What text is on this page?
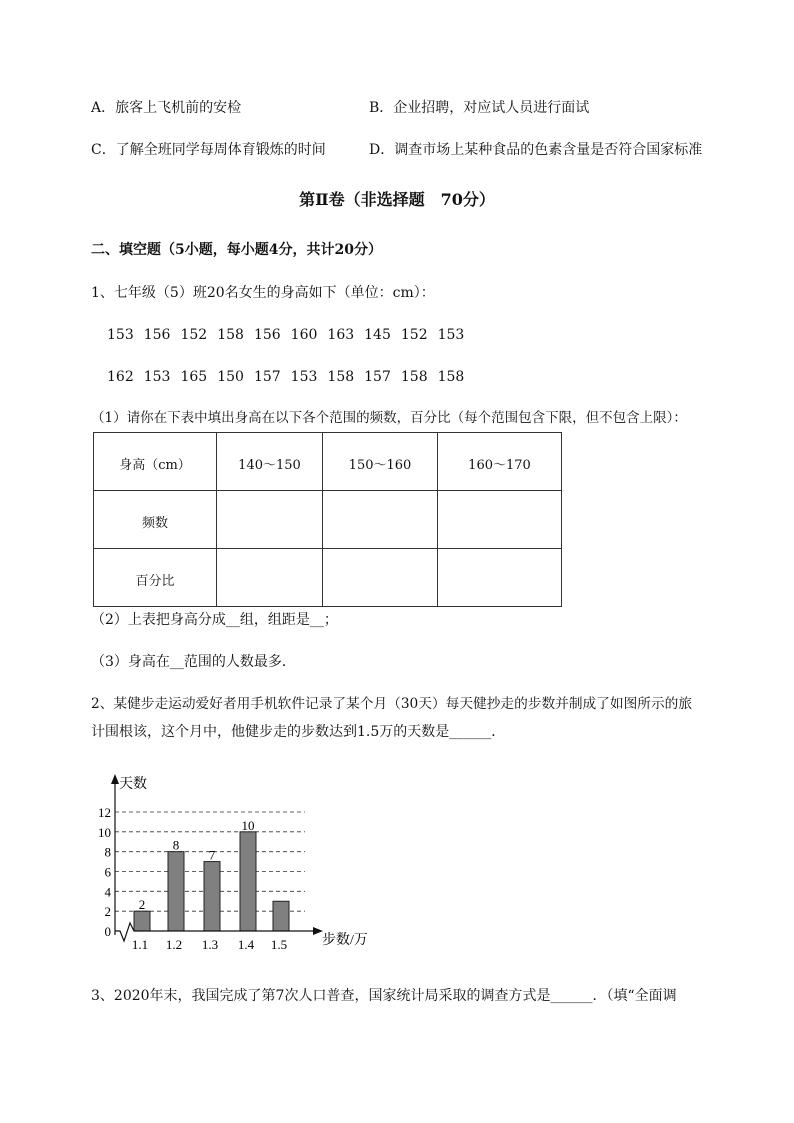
A．旅客上飞机前的安检	B．企业招聘，对应试人员进行面试
C．了解全班同学每周体育锻炼的时间	D．调查市场上某种食品的色素含量是否符合国家标准
第Ⅱ卷（非选择题　70分）
二、填空题（5小题，每小题4分，共计20分）
1、七年级（5）班20名女生的身高如下（单位：cm）：
153 156 152 158 156 160 163 145 152 153
162 153 165 150 157 153 158 157 158 158
（1）请你在下表中填出身高在以下各个范围的频数，百分比（每个范围包含下限，但不包含上限）：
身高（cm）	140～150	150～160	160～170
频数			
百分比			
（2）上表把身高分成__组，组距是__；
（3）身高在__范围的人数最多．
2、某健步走运动爱好者用手机软件记录了某个月（30天）每天健抄走的步数并制成了如图所示的旅
计围根该，这个月中，他健步走的步数达到1.5万的天数是______．
0
2
4
6
8
10
12
2
1.1
8
1.2
7
1.3
10
1.4 1.5
天数
步数/万
3、2020年末，我国完成了第7次人口普查，国家统计局采取的调查方式是______．（填“全面调
